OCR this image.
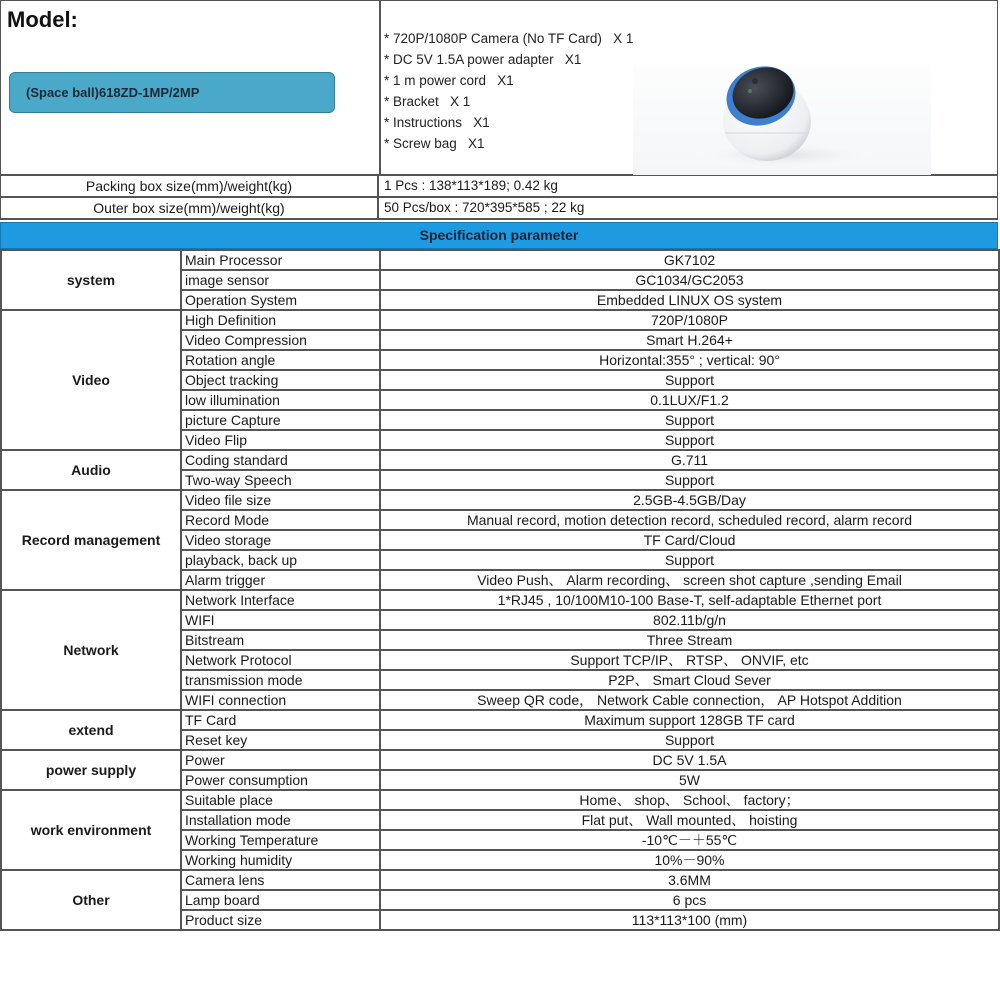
Model:
(Space ball)618ZD-1MP/2MP
* 720P/1080P Camera (No TF Card)   X 1
* DC 5V 1.5A power adapter   X1
* 1 m power cord   X1
* Bracket   X 1
* Instructions   X1
* Screw bag   X1
Packing box size(mm)/weight(kg)	1 Pcs : 138*113*189; 0.42 kg
Outer box size(mm)/weight(kg)	50 Pcs/box : 720*395*585 ; 22 kg
Specification parameter
system	Main Processor	GK7102
	image sensor	GC1034/GC2053
	Operation System	Embedded LINUX OS system
Video	High Definition	720P/1080P
	Video Compression	Smart H.264+
	Rotation angle	Horizontal:355° ; vertical: 90°
	Object tracking	Support
	low illumination	0.1LUX/F1.2
	picture Capture	Support
	Video Flip	Support
Audio	Coding standard	G.711
	Two-way Speech	Support
Record management	Video file size	2.5GB-4.5GB/Day
	Record Mode	Manual record, motion detection record, scheduled record, alarm record
	Video storage	TF Card/Cloud
	playback, back up	Support
	Alarm trigger	Video Push、 Alarm recording、 screen shot capture ,sending Email
Network	Network Interface	1*RJ45 , 10/100M10-100 Base-T, self-adaptable Ethernet port
	WIFI	802.11b/g/n
	Bitstream	Three Stream
	Network Protocol	Support TCP/IP、 RTSP、 ONVIF, etc
	transmission mode	P2P、 Smart Cloud Sever
	WIFI connection	Sweep QR code， Network Cable connection， AP Hotspot Addition
extend	TF Card	Maximum support 128GB TF card
	Reset key	Support
power supply	Power	DC 5V 1.5A
	Power consumption	5W
work environment	Suitable place	Home、 shop、 School、 factory；
	Installation mode	Flat put、 Wall mounted、 hoisting
	Working Temperature	-10℃－＋55℃
	Working humidity	10%－90%
Other	Camera lens	3.6MM
	Lamp board	6 pcs
	Product size	113*113*100 (mm)
